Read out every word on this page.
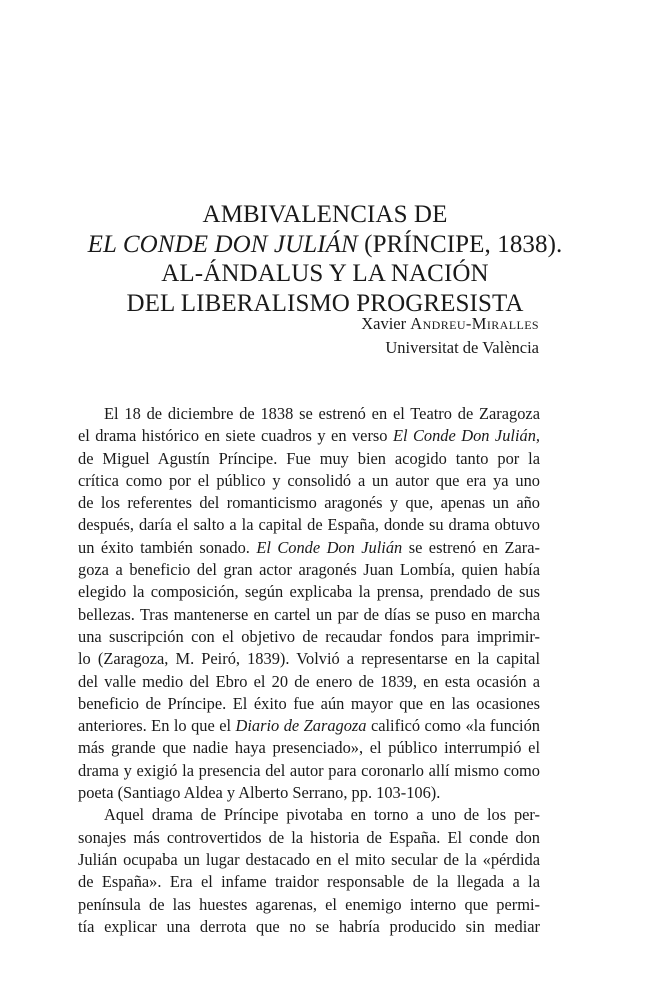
AMBIVALENCIAS DE
EL CONDE DON JULIÁN (PRÍNCIPE, 1838).
AL-ÁNDALUS Y LA NACIÓN
DEL LIBERALISMO PROGRESISTA
Xavier Andreu-Miralles
Universitat de València
El 18 de diciembre de 1838 se estrenó en el Teatro de Zaragoza
el drama histórico en siete cuadros y en verso El Conde Don Julián,
de Miguel Agustín Príncipe. Fue muy bien acogido tanto por la
crítica como por el público y consolidó a un autor que era ya uno
de los referentes del romanticismo aragonés y que, apenas un año
después, daría el salto a la capital de España, donde su drama obtuvo
un éxito también sonado. El Conde Don Julián se estrenó en Zara-
goza a beneficio del gran actor aragonés Juan Lombía, quien había
elegido la composición, según explicaba la prensa, prendado de sus
bellezas. Tras mantenerse en cartel un par de días se puso en marcha
una suscripción con el objetivo de recaudar fondos para imprimir-
lo (Zaragoza, M. Peiró, 1839). Volvió a representarse en la capital
del valle medio del Ebro el 20 de enero de 1839, en esta ocasión a
beneficio de Príncipe. El éxito fue aún mayor que en las ocasiones
anteriores. En lo que el Diario de Zaragoza calificó como «la función
más grande que nadie haya presenciado», el público interrumpió el
drama y exigió la presencia del autor para coronarlo allí mismo como
poeta (Santiago Aldea y Alberto Serrano, pp. 103-106).
Aquel drama de Príncipe pivotaba en torno a uno de los per-
sonajes más controvertidos de la historia de España. El conde don
Julián ocupaba un lugar destacado en el mito secular de la «pérdida
de España». Era el infame traidor responsable de la llegada a la
península de las huestes agarenas, el enemigo interno que permi-
tía explicar una derrota que no se habría producido sin mediar
